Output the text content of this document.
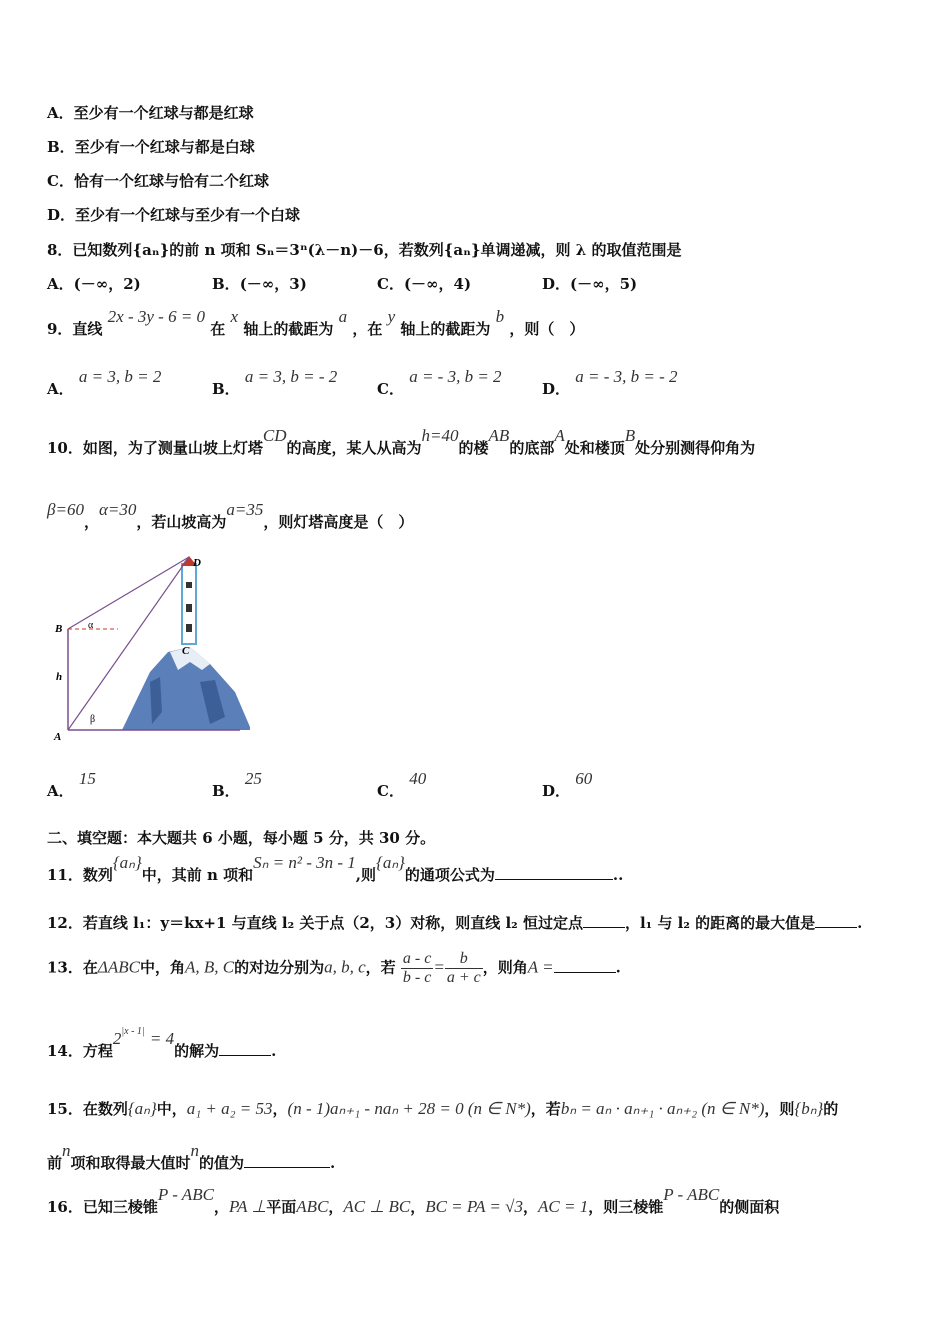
A．至少有一个红球与都是红球
B．至少有一个红球与都是白球
C．恰有一个红球与恰有二个红球
D．至少有一个红球与至少有一个白球
8．已知数列{aₙ}的前 n 项和 Sₙ＝3ⁿ(λ－n)－6，若数列{aₙ}单调递减，则 λ 的取值范围是
A．(－∞，2)	B．(－∞，3)	C．(－∞，4)	D．(－∞，5)
9．直线 2x - 3y - 6 = 0 在 x 轴上的截距为 a ，在 y 轴上的截距为 b ，则（　）
A． a = 3, b = 2B． a = 3, b = - 2C． a = - 3, b = 2D． a = - 3, b = - 2
10．如图，为了测量山坡上灯塔CD的高度，某人从高为h=40的楼AB的底部A处和楼顶B处分别测得仰角为
β=60，α=30，若山坡高为a=35，则灯塔高度是（　）
D
B	α
C
h
β
A
A． 15B． 25C． 40D． 60
二、填空题：本大题共 6 小题，每小题 5 分，共 30 分。
11．数列{aₙ}中，其前 n 项和Sₙ = n² - 3n - 1,则{aₙ}的通项公式为	..
12．若直线 l₁：y＝kx+1 与直线 l₂ 关于点（2，3）对称，则直线 l₂ 恒过定点	，l₁ 与 l₂ 的距离的最大值是	.
13．在ΔABC中，角A, B, C的对边分别为a, b, c，若 $\frac{a - c}{b - c} = \frac{b}{a + c}$ ，则角A =	.
14．方程$2^{|x - 1|} = 4$的解为	.
15．在数列{aₙ}中，a₁ + a₂ = 53，(n - 1)aₙ₊₁ - naₙ + 28 = 0 (n ∈ N*)，若bₙ = aₙ · aₙ₊₁ · aₙ₊₂ (n ∈ N*)，则{bₙ}的
前n项和取得最大值时n的值为	.
16．已知三棱锥P - ABC，PA ⊥平面ABC，AC ⊥ BC，BC = PA = √3，AC = 1，则三棱锥P - ABC的侧面积
